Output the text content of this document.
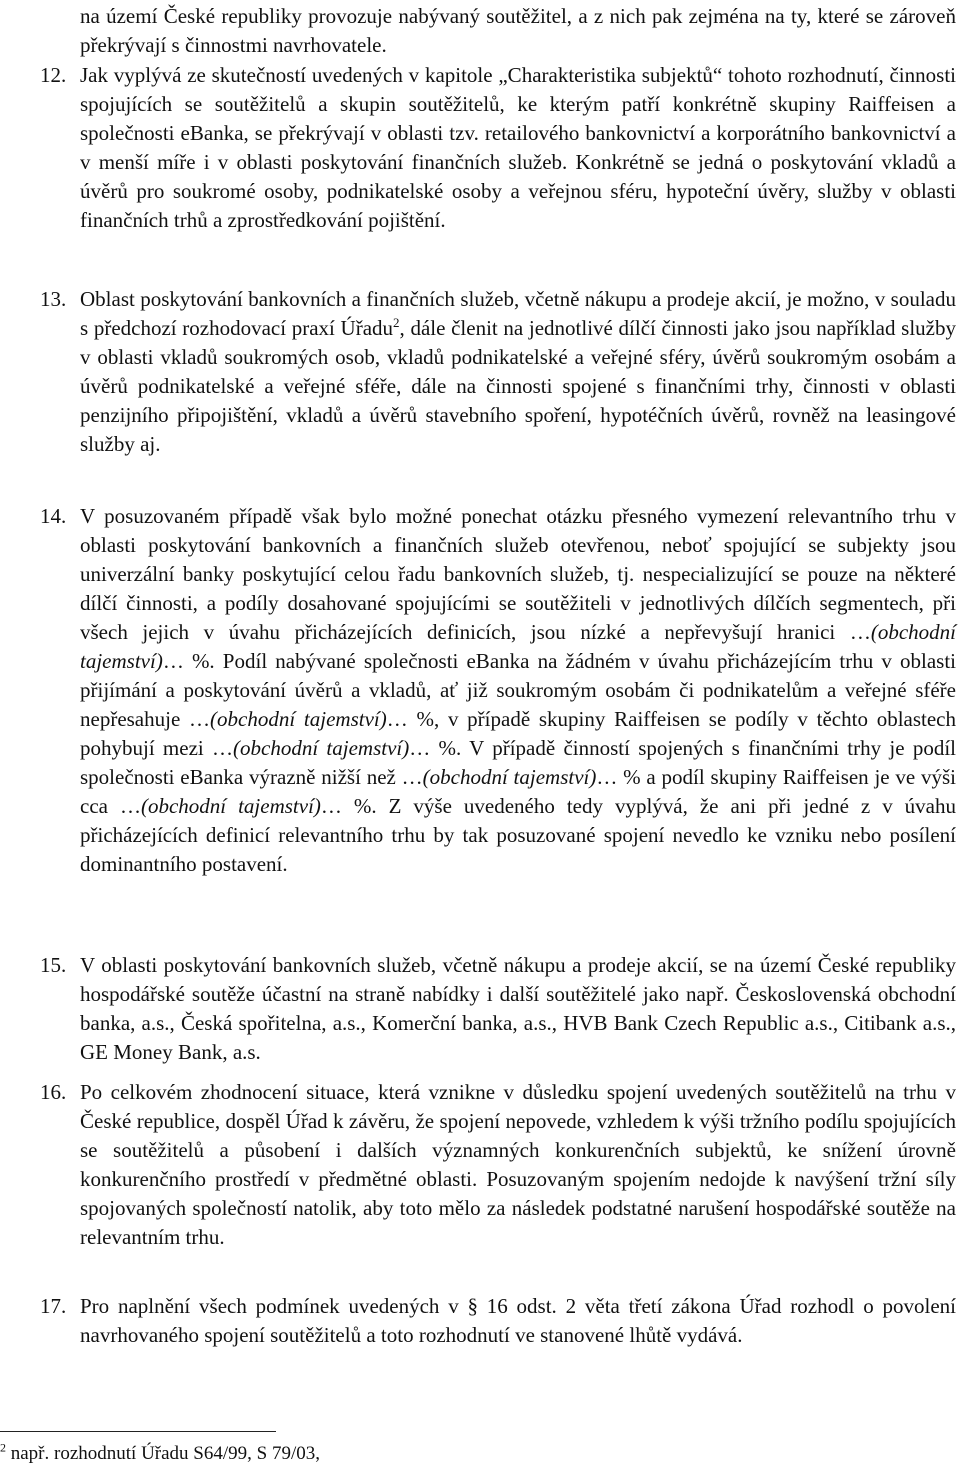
na území České republiky provozuje nabývaný soutěžitel, a z nich pak zejména na ty, které se zároveň překrývají s činnostmi navrhovatele.
12. Jak vyplývá ze skutečností uvedených v kapitole „Charakteristika subjektů“ tohoto rozhodnutí, činnosti spojujících se soutěžitelů a skupin soutěžitelů, ke kterým patří konkrétně skupiny Raiffeisen a společnosti eBanka, se překrývají v oblasti tzv. retailového bankovnictví a korporátního bankovnictví a v menší míře i v oblasti poskytování finančních služeb. Konkrétně se jedná o poskytování vkladů a úvěrů pro soukromé osoby, podnikatelské osoby a veřejnou sféru, hypoteční úvěry, služby v oblasti finančních trhů a zprostředkování pojištění.
13. Oblast poskytování bankovních a finančních služeb, včetně nákupu a prodeje akcií, je možno, v souladu s předchozí rozhodovací praxí Úřadu$^2$, dále členit na jednotlivé dílčí činnosti jako jsou například služby v oblasti vkladů soukromých osob, vkladů podnikatelské a veřejné sféry, úvěrů soukromým osobám a úvěrů podnikatelské a veřejné sféře, dále na činnosti spojené s finančními trhy, činnosti v oblasti penzijního připojištění, vkladů a úvěrů stavebního spoření, hypotéčních úvěrů, rovněž na leasingové služby aj.
14. V posuzovaném případě však bylo možné ponechat otázku přesného vymezení relevantního trhu v oblasti poskytování bankovních a finančních služeb otevřenou, neboť spojující se subjekty jsou univerzální banky poskytující celou řadu bankovních služeb, tj. nespecializující se pouze na některé dílčí činnosti, a podíly dosahované spojujícími se soutěžiteli v jednotlivých dílčích segmentech, při všech jejich v úvahu přicházejících definicích, jsou nízké a nepřevyšují hranici …(obchodní tajemství)… %. Podíl nabývané společnosti eBanka na žádném v úvahu přicházejícím trhu v oblasti přijímání a poskytování úvěrů a vkladů, ať již soukromým osobám či podnikatelům a veřejné sféře nepřesahuje …(obchodní tajemství)… %, v případě skupiny Raiffeisen se podíly v těchto oblastech pohybují mezi …(obchodní tajemství)… %. V případě činností spojených s finančními trhy je podíl společnosti eBanka výrazně nižší než …(obchodní tajemství)… % a podíl skupiny Raiffeisen je ve výši cca …(obchodní tajemství)… %. Z výše uvedeného tedy vyplývá, že ani při jedné z v úvahu přicházejících definicí relevantního trhu by tak posuzované spojení nevedlo ke vzniku nebo posílení dominantního postavení.
15. V oblasti poskytování bankovních služeb, včetně nákupu a prodeje akcií, se na území České republiky hospodářské soutěže účastní na straně nabídky i další soutěžitelé jako např. Československá obchodní banka, a.s., Česká spořitelna, a.s., Komerční banka, a.s., HVB Bank Czech Republic a.s., Citibank a.s., GE Money Bank, a.s.
16. Po celkovém zhodnocení situace, která vznikne v důsledku spojení uvedených soutěžitelů na trhu v České republice, dospěl Úřad k závěru, že spojení nepovede, vzhledem k výši tržního podílu spojujících se soutěžitelů a působení i dalších významných konkurenčních subjektů, ke snížení úrovně konkurenčního prostředí v předmětné oblasti. Posuzovaným spojením nedojde k navýšení tržní síly spojovaných společností natolik, aby toto mělo za následek podstatné narušení hospodářské soutěže na relevantním trhu.
17. Pro naplnění všech podmínek uvedených v § 16 odst. 2 věta třetí zákona Úřad rozhodl o povolení navrhovaného spojení soutěžitelů a toto rozhodnutí ve stanovené lhůtě vydává.
$^2$ např. rozhodnutí Úřadu S64/99, S 79/03,
